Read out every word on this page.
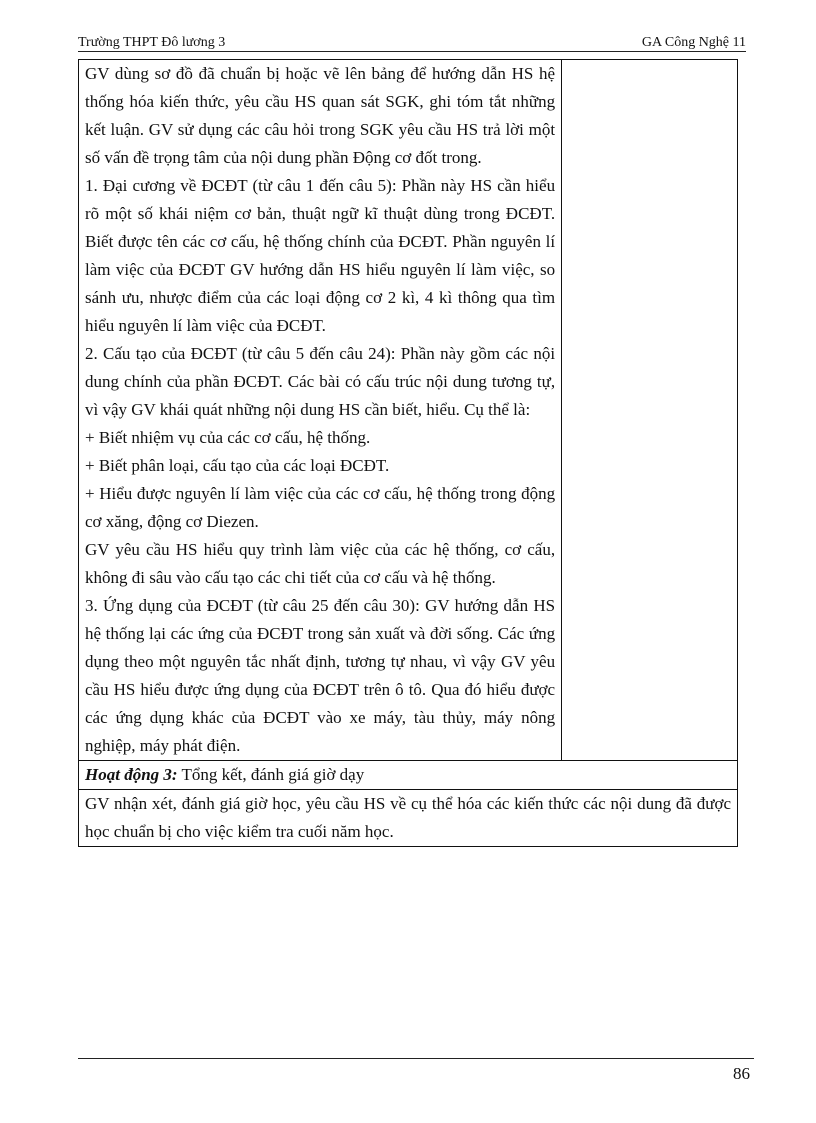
Trường THPT Đô lương 3	GA Công Nghệ 11
GV dùng sơ đồ đã chuẩn bị hoặc vẽ lên bảng để hướng dẫn HS hệ thống hóa kiến thức, yêu cầu HS quan sát SGK, ghi tóm tắt những kết luận. GV sử dụng các câu hỏi trong SGK yêu cầu HS trả lời một số vấn đề trọng tâm của nội dung phần Động cơ đốt trong.
1. Đại cương về ĐCĐT (từ câu 1 đến câu 5): Phần này HS cần hiểu rõ một số khái niệm cơ bản, thuật ngữ kĩ thuật dùng trong ĐCĐT. Biết được tên các cơ cấu, hệ thống chính của ĐCĐT. Phần nguyên lí làm việc của ĐCĐT GV hướng dẫn HS hiểu nguyên lí làm việc, so sánh ưu, nhược điểm của các loại động cơ 2 kì, 4 kì thông qua tìm hiểu nguyên lí làm việc của ĐCĐT.
2. Cấu tạo của ĐCĐT (từ câu 5 đến câu 24): Phần này gồm các nội dung chính của phần ĐCĐT. Các bài có cấu trúc nội dung tương tự, vì vậy GV khái quát những nội dung HS cần biết, hiểu. Cụ thể là:
+ Biết nhiệm vụ của các cơ cấu, hệ thống.
+ Biết phân loại, cấu tạo của các loại ĐCĐT.
+ Hiểu được nguyên lí làm việc của các cơ cấu, hệ thống trong động cơ xăng, động cơ Diezen.
GV yêu cầu HS hiểu quy trình làm việc của các hệ thống, cơ cấu, không đi sâu vào cấu tạo các chi tiết của cơ cấu và hệ thống.
3. Ứng dụng của ĐCĐT (từ câu 25 đến câu 30): GV hướng dẫn HS hệ thống lại các ứng của ĐCĐT trong sản xuất và đời sống. Các ứng dụng theo một nguyên tắc nhất định, tương tự nhau, vì vậy GV yêu cầu HS hiểu được ứng dụng của ĐCĐT trên ô tô. Qua đó hiểu được các ứng dụng khác của ĐCĐT vào xe máy, tàu thủy, máy nông nghiệp, máy phát điện.

Hoạt động 3: Tổng kết, đánh giá giờ dạy
GV nhận xét, đánh giá giờ học, yêu cầu HS về cụ thể hóa các kiến thức các nội dung đã được học chuẩn bị cho việc kiểm tra cuối năm học.
86
